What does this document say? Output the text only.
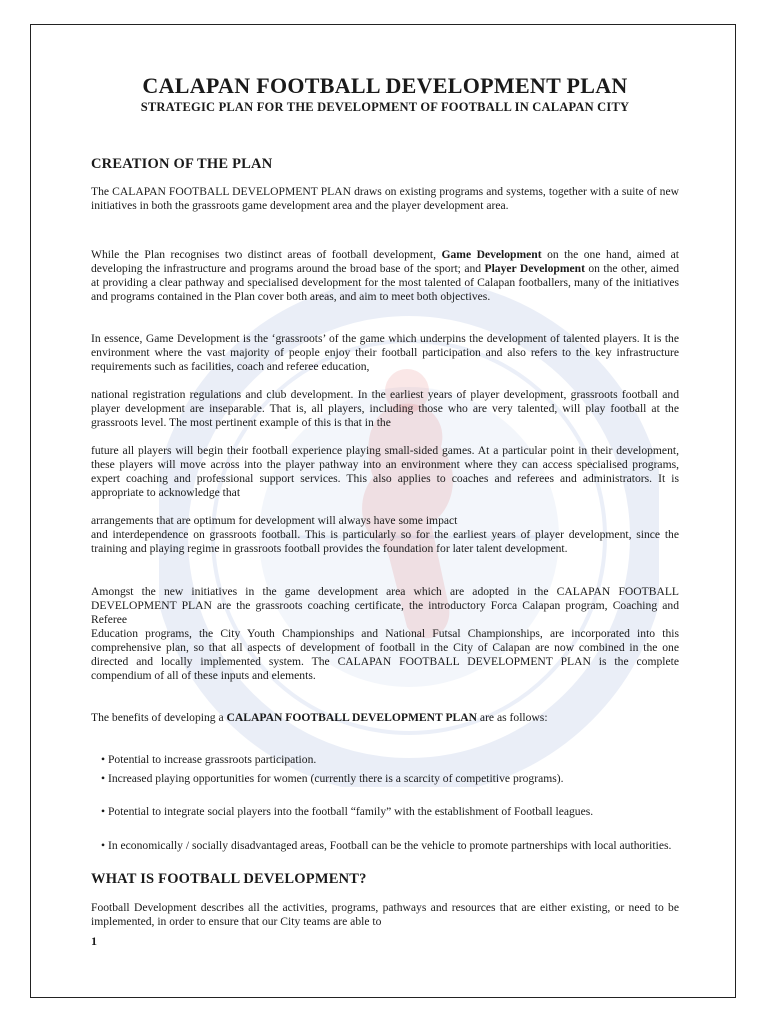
CALAPAN FOOTBALL DEVELOPMENT PLAN
STRATEGIC PLAN FOR THE DEVELOPMENT OF FOOTBALL IN CALAPAN CITY
CREATION OF THE PLAN

The CALAPAN FOOTBALL DEVELOPMENT PLAN draws on existing programs and systems, together with a suite of new initiatives in both the grassroots game development area and the player development area.

While the Plan recognises two distinct areas of football development, Game Development on the one hand, aimed at developing the infrastructure and programs around the broad base of the sport; and Player Development on the other, aimed at providing a clear pathway and specialised development for the most talented of Calapan footballers, many of the initiatives and programs contained in the Plan cover both areas, and aim to meet both objectives.

In essence, Game Development is the ‘grassroots’ of the game which underpins the development of talented players. It is the environment where the vast majority of people enjoy their football participation and also refers to the key infrastructure requirements such as facilities, coach and referee education,

national registration regulations and club development. In the earliest years of player development, grassroots football and player development are inseparable. That is, all players, including those who are very talented, will play football at the grassroots level. The most pertinent example of this is that in the

future all players will begin their football experience playing small-sided games. At a particular point in their development, these players will move across into the player pathway into an environment where they can access specialised programs, expert coaching and professional support services. This also applies to coaches and referees and administrators. It is appropriate to acknowledge that

arrangements that are optimum for development will always have some impact

and interdependence on grassroots football. This is particularly so for the earliest years of player development, since the training and playing regime in grassroots football provides the foundation for later talent development.

Amongst the new initiatives in the game development area which are adopted in the CALAPAN FOOTBALL DEVELOPMENT PLAN are the grassroots coaching certificate, the introductory Forca Calapan program, Coaching and Referee

Education programs, the City Youth Championships and National Futsal Championships, are incorporated into this comprehensive plan, so that all aspects of development of football in the City of Calapan are now combined in the one directed and locally implemented system. The CALAPAN FOOTBALL DEVELOPMENT PLAN is the complete compendium of all of these inputs and elements.

The benefits of developing a CALAPAN FOOTBALL DEVELOPMENT PLAN are as follows:

• Potential to increase grassroots participation.

• Increased playing opportunities for women (currently there is a scarcity of competitive programs).

• Potential to integrate social players into the football “family” with the establishment of Football leagues.

• In economically / socially disadvantaged areas, Football can be the vehicle to promote partnerships with local authorities.

WHAT IS FOOTBALL DEVELOPMENT?

Football Development describes all the activities, programs, pathways and resources that are either existing, or need to be implemented, in order to ensure that our City teams are able to

1
